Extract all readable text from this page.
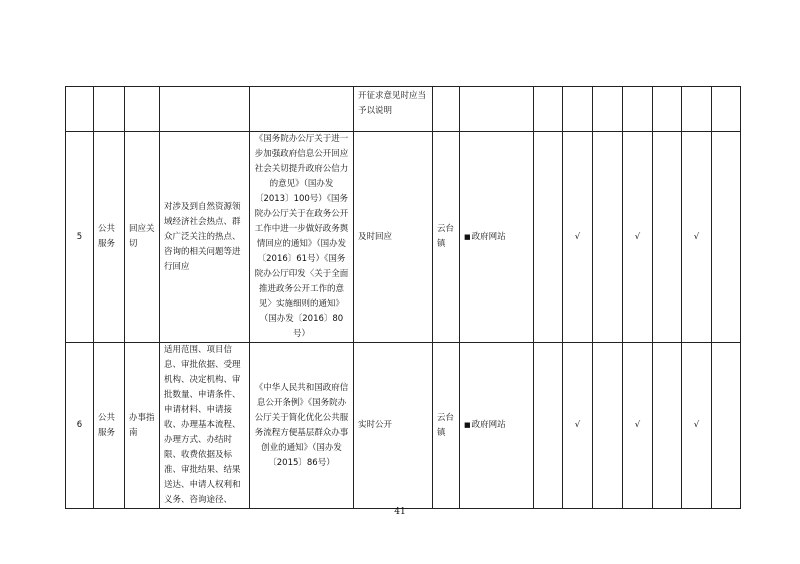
					开征求意见时应当予以说明									
5	公共服务	回应关切	对涉及到自然资源领域经济社会热点、群众广泛关注的热点、咨询的相关问题等进行回应	《国务院办公厅关于进一步加强政府信息公开回应社会关切提升政府公信力的意见》（国办发〔2013〕100号）《国务院办公厅关于在政务公开工作中进一步做好政务舆情回应的通知》（国办发〔2016〕61号）《国务院办公厅印发〈关于全面推进政务公开工作的意见〉实施细则的通知》（国办发〔2016〕80号）	及时回应	云台镇	■政府网站		√		√		√	
6	公共服务	办事指南	适用范围、项目信息、审批依据、受理机构、决定机构、审批数量、申请条件、申请材料、申请接收、办理基本流程、办理方式、办结时限、收费依据及标准、审批结果、结果送达、申请人权利和义务、咨询途径、	《中华人民共和国政府信息公开条例》《国务院办公厅关于简化优化公共服务流程方便基层群众办事创业的通知》（国办发〔2015〕86号）	实时公开	云台镇	■政府网站		√		√		√	
41
